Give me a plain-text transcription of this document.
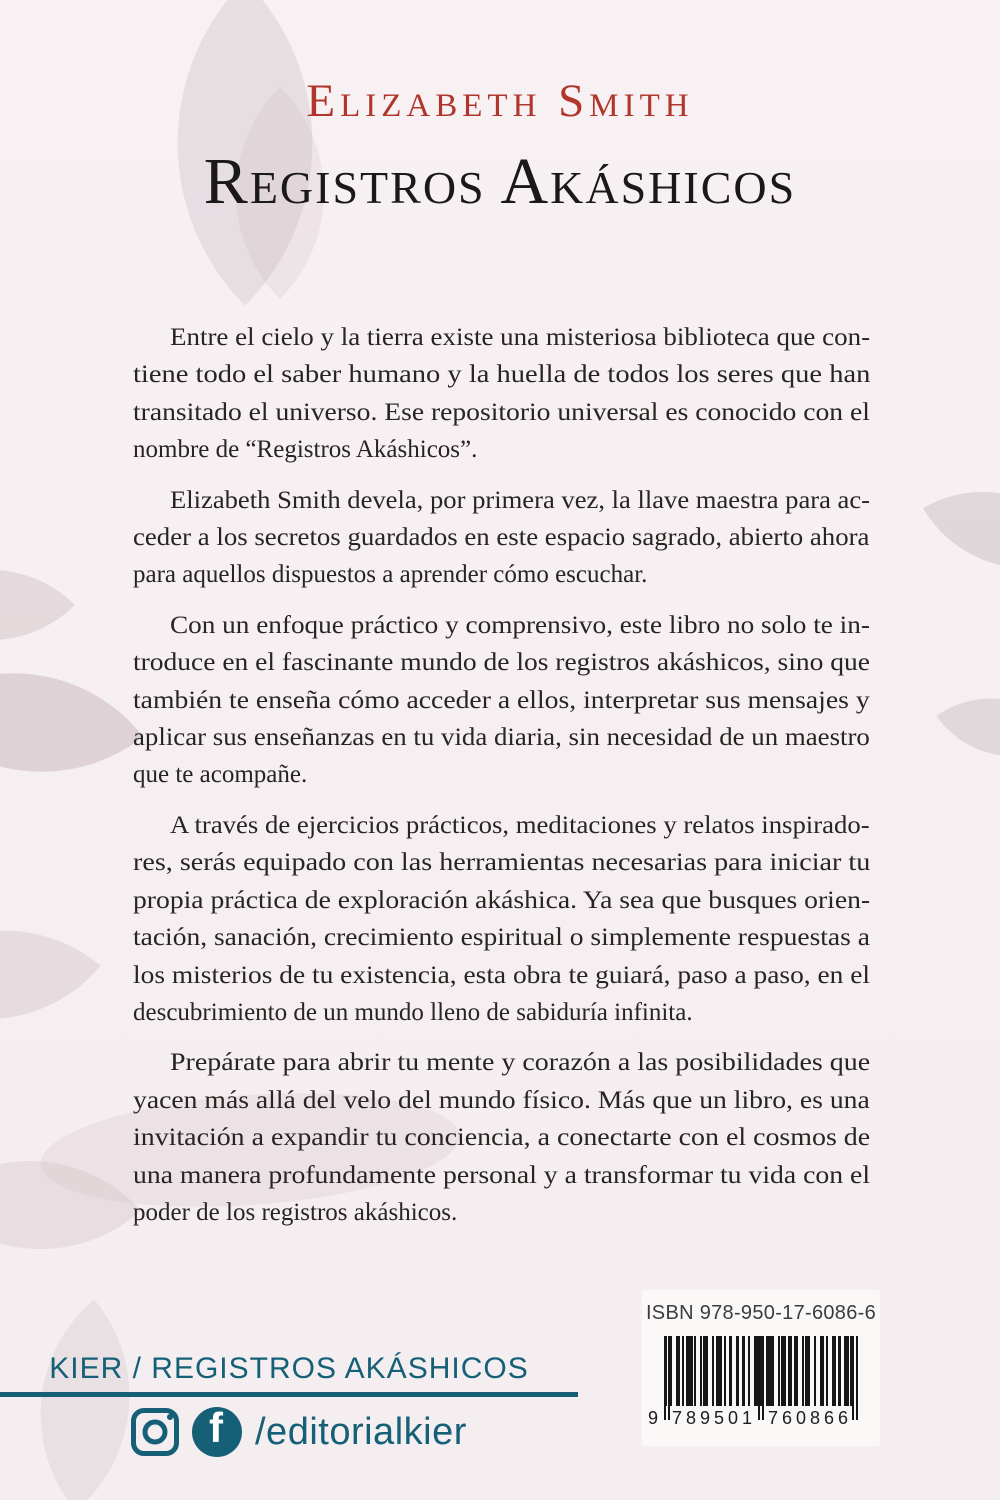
Elizabeth Smith
Registros Akáshicos
Entre el cielo y la tierra existe una misteriosa biblioteca que con-
tiene todo el saber humano y la huella de todos los seres que han
transitado el universo. Ese repositorio universal es conocido con el
nombre de “Registros Akáshicos”.
Elizabeth Smith devela, por primera vez, la llave maestra para ac-
ceder a los secretos guardados en este espacio sagrado, abierto ahora
para aquellos dispuestos a aprender cómo escuchar.
Con un enfoque práctico y comprensivo, este libro no solo te in-
troduce en el fascinante mundo de los registros akáshicos, sino que
también te enseña cómo acceder a ellos, interpretar sus mensajes y
aplicar sus enseñanzas en tu vida diaria, sin necesidad de un maestro
que te acompañe.
A través de ejercicios prácticos, meditaciones y relatos inspirado-
res, serás equipado con las herramientas necesarias para iniciar tu
propia práctica de exploración akáshica. Ya sea que busques orien-
tación, sanación, crecimiento espiritual o simplemente respuestas a
los misterios de tu existencia, esta obra te guiará, paso a paso, en el
descubrimiento de un mundo lleno de sabiduría infinita.
Prepárate para abrir tu mente y corazón a las posibilidades que
yacen más allá del velo del mundo físico. Más que un libro, es una
invitación a expandir tu conciencia, a conectarte con el cosmos de
una manera profundamente personal y a transformar tu vida con el
poder de los registros akáshicos.
ISBN 978-950-17-6086-6
9 789501 760866
KIER / REGISTROS AKÁSHICOS
f
/editorialkier
